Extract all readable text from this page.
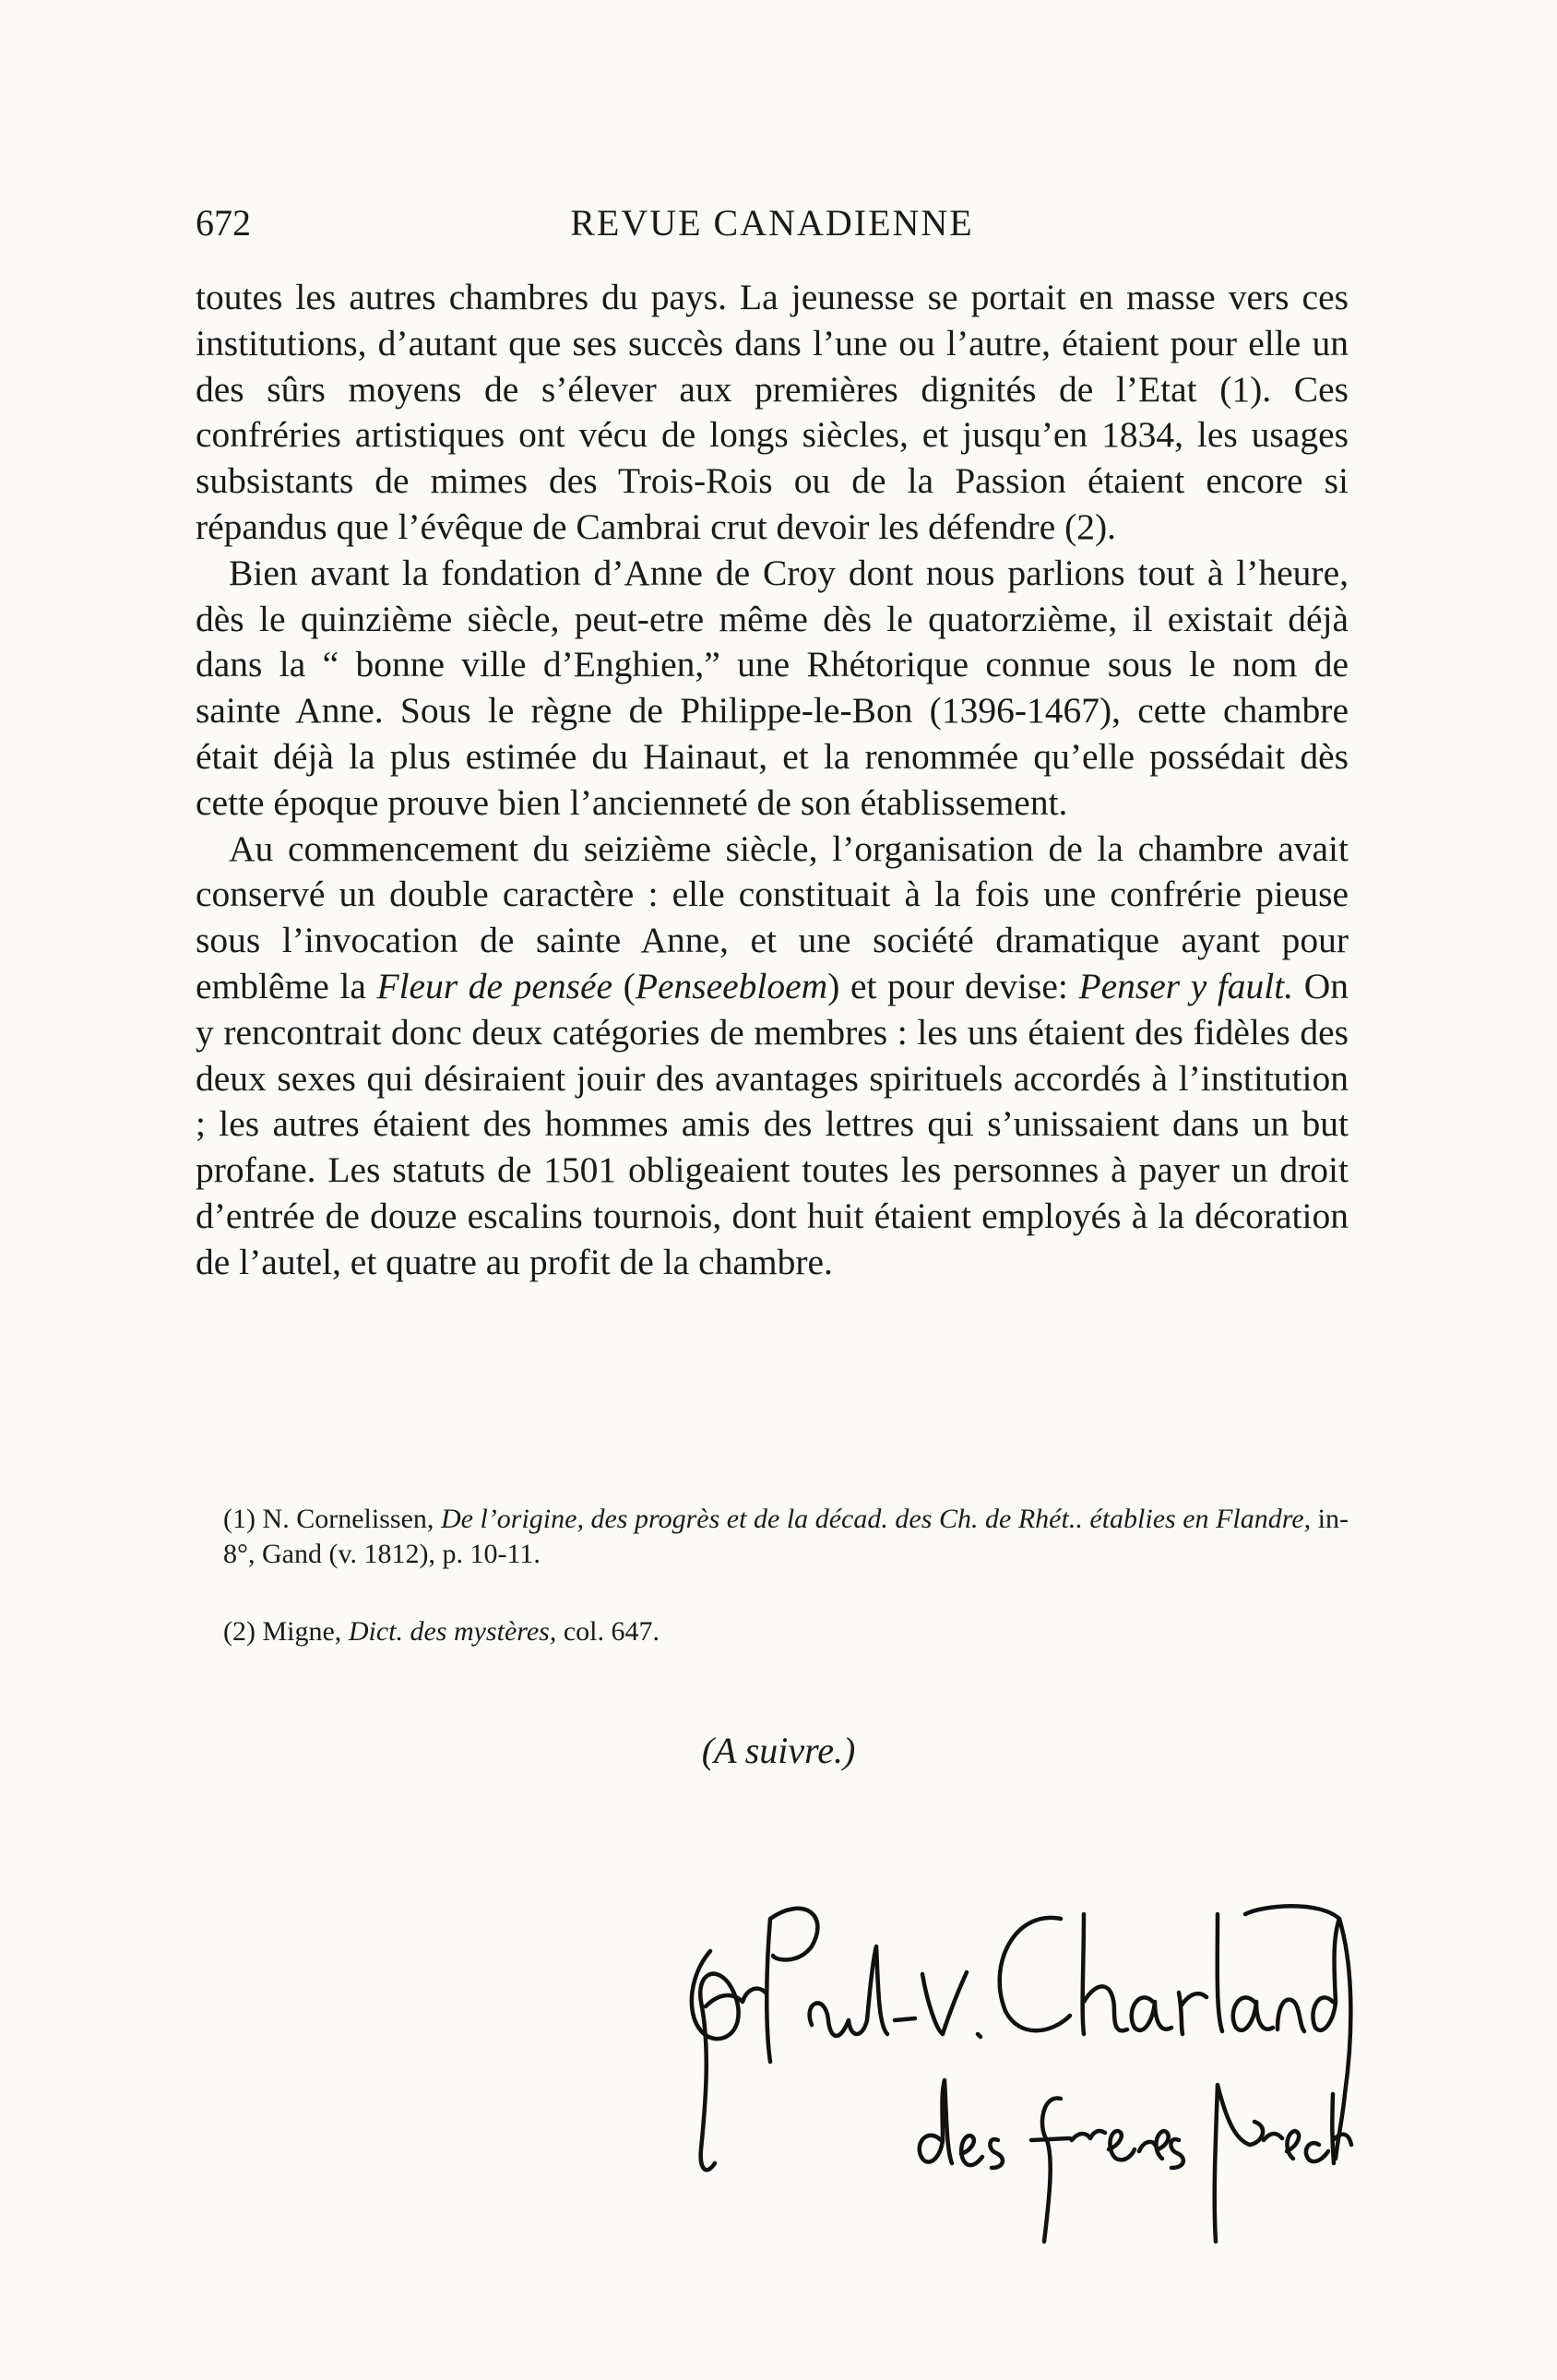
672	REVUE CANADIENNE

toutes les autres chambres du pays. La jeunesse se portait en masse vers ces institutions, d’autant que ses succès dans l’une ou l’autre, étaient pour elle un des sûrs moyens de s’élever aux premières dignités de l’Etat (1). Ces confréries artistiques ont vécu de longs siècles, et jusqu’en 1834, les usages subsistants de mimes des Trois-Rois ou de la Passion étaient encore si répandus que l’évêque de Cambrai crut devoir les défendre (2).

Bien avant la fondation d’Anne de Croy dont nous parlions tout à l’heure, dès le quinzième siècle, peut-etre même dès le quatorzième, il existait déjà dans la “ bonne ville d’Enghien,” une Rhétorique connue sous le nom de sainte Anne. Sous le règne de Philippe-le-Bon (1396-1467), cette chambre était déjà la plus estimée du Hainaut, et la renommée qu’elle possédait dès cette époque prouve bien l’ancienneté de son établissement.

Au commencement du seizième siècle, l’organisation de la chambre avait conservé un double caractère : elle constituait à la fois une confrérie pieuse sous l’invocation de sainte Anne, et une société dramatique ayant pour emblême la Fleur de pensée (Penseebloem) et pour devise: Penser y fault. On y rencontrait donc deux catégories de membres : les uns étaient des fidèles des deux sexes qui désiraient jouir des avantages spirituels accordés à l’institution ; les autres étaient des hommes amis des lettres qui s’unissaient dans un but profane. Les statuts de 1501 obligeaient toutes les personnes à payer un droit d’entrée de douze escalins tournois, dont huit étaient employés à la décoration de l’autel, et quatre au profit de la chambre.

(1) N. Cornelissen, De l’origine, des progrès et de la décad. des Ch. de Rhét.. établies en Flandre, in-8°, Gand (v. 1812), p. 10-11.

(2) Migne, Dict. des mystères, col. 647.

(A suivre.)
